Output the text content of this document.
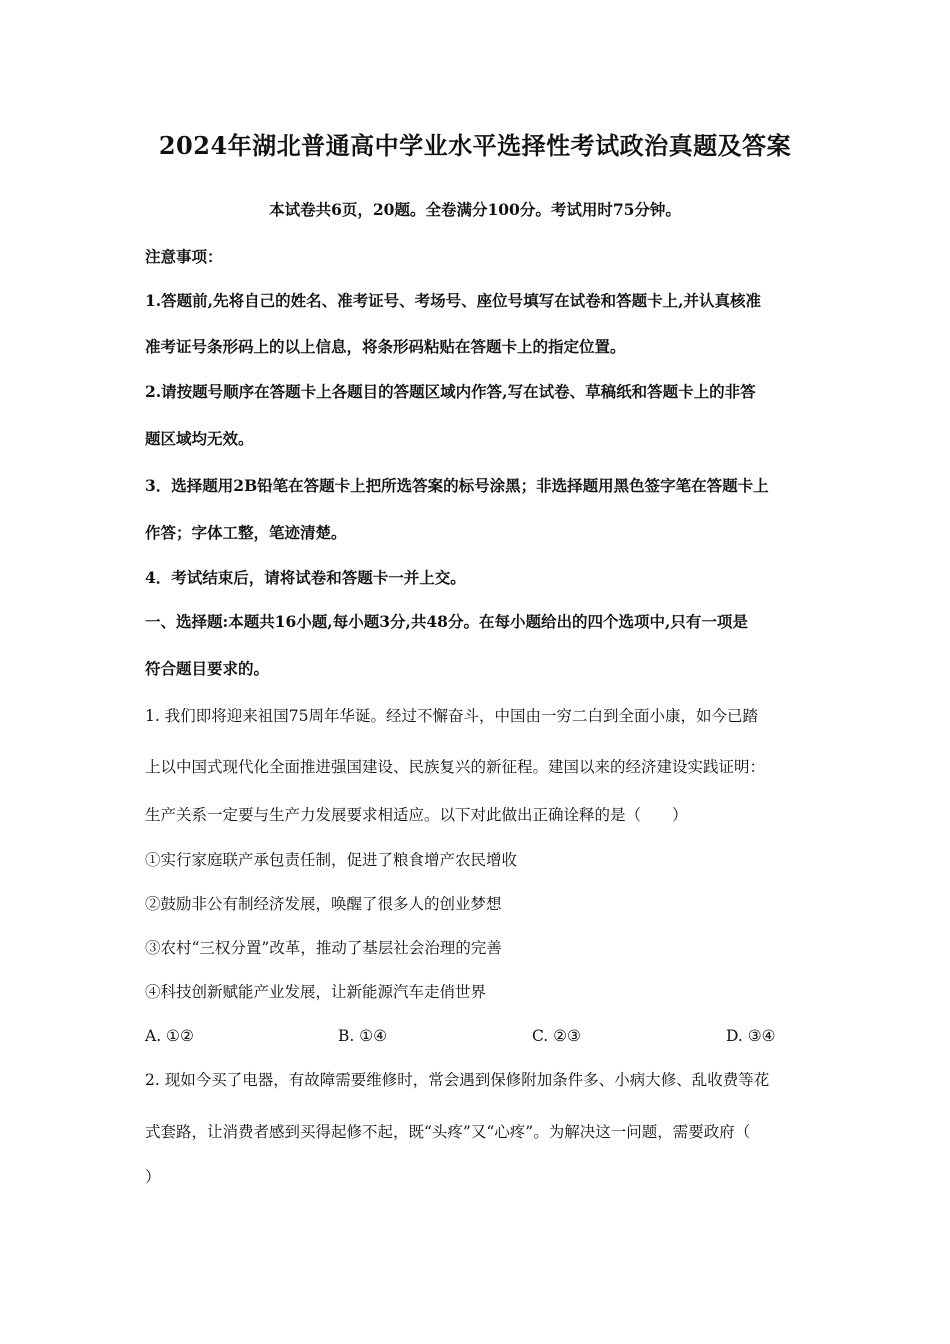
2024年湖北普通高中学业水平选择性考试政治真题及答案
本试卷共6页，20题。全卷满分100分。考试用时75分钟。
注意事项：
1.答题前,先将自己的姓名、准考证号、考场号、座位号填写在试卷和答题卡上,并认真核准
准考证号条形码上的以上信息，将条形码粘贴在答题卡上的指定位置。
2.请按题号顺序在答题卡上各题目的答题区域内作答,写在试卷、草稿纸和答题卡上的非答
题区域均无效。
3．选择题用2B铅笔在答题卡上把所选答案的标号涂黑；非选择题用黑色签字笔在答题卡上
作答；字体工整，笔迹清楚。
4．考试结束后，请将试卷和答题卡一并上交。
一、选择题:本题共16小题,每小题3分,共48分。在每小题给出的四个选项中,只有一项是
符合题目要求的。
1. 我们即将迎来祖国75周年华诞。经过不懈奋斗，中国由一穷二白到全面小康，如今已踏
上以中国式现代化全面推进强国建设、民族复兴的新征程。建国以来的经济建设实践证明：
生产关系一定要与生产力发展要求相适应。以下对此做出正确诠释的是（　　）
①实行家庭联产承包责任制，促进了粮食增产农民增收
②鼓励非公有制经济发展，唤醒了很多人的创业梦想
③农村“三权分置”改革，推动了基层社会治理的完善
④科技创新赋能产业发展，让新能源汽车走俏世界
A. ①②	B. ①④	C. ②③	D. ③④
2. 现如今买了电器，有故障需要维修时，常会遇到保修附加条件多、小病大修、乱收费等花
式套路，让消费者感到买得起修不起，既“头疼”又“心疼”。为解决这一问题，需要政府（
）
